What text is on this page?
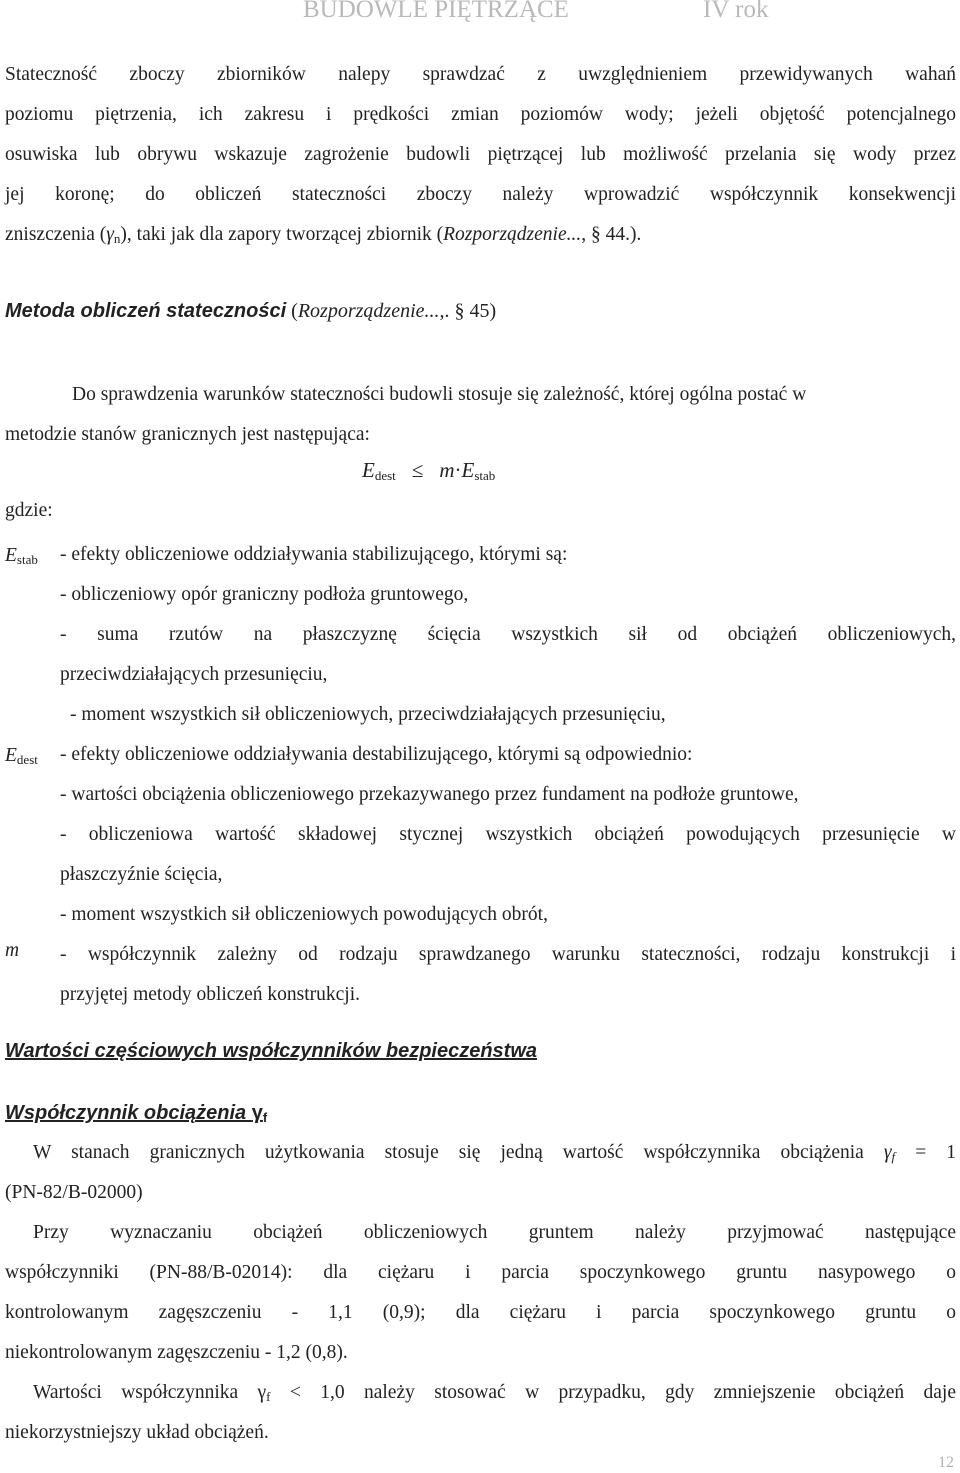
BUDOWLE PIĘTRZĄCE	IV rok

Stateczność zboczy zbiorników nalepy sprawdzać z uwzględnieniem przewidywanych wahań

poziomu piętrzenia, ich zakresu i prędkości zmian poziomów wody; jeżeli objętość potencjalnego

osuwiska lub obrywu wskazuje zagrożenie budowli piętrzącej lub możliwość przelania się wody przez

jej koronę; do obliczeń stateczności zboczy należy wprowadzić współczynnik konsekwencji

zniszczenia $(\gamma_n)$, taki jak dla zapory tworzącej zbiornik (Rozporządzenie..., § 44.).

Metoda obliczeń stateczności (Rozporządzenie...,. § 45)

Do sprawdzenia warunków stateczności budowli stosuje się zależność, której ogólna postać w

metodzie stanów granicznych jest następująca:

$E_{dest} \le m\cdot E_{stab}$
gdzie:
$E_{stab}$ - efekty obliczeniowe oddziaływania stabilizującego, którymi są:
- obliczeniowy opór graniczny podłoża gruntowego,
- suma rzutów na płaszczyznę ścięcia wszystkich sił od obciążeń obliczeniowych,
przeciwdziałających przesunięciu,
- moment wszystkich sił obliczeniowych, przeciwdziałających przesunięciu,
$E_{dest}$ - efekty obliczeniowe oddziaływania destabilizującego, którymi są odpowiednio:
- wartości obciążenia obliczeniowego przekazywanego przez fundament na podłoże gruntowe,
- obliczeniowa wartość składowej stycznej wszystkich obciążeń powodujących przesunięcie w
płaszczyźnie ścięcia,
- moment wszystkich sił obliczeniowych powodujących obrót,
m - współczynnik zależny od rodzaju sprawdzanego warunku stateczności, rodzaju konstrukcji i
przyjętej metody obliczeń konstrukcji.
Wartości częściowych współczynników bezpieczeństwa
Współczynnik obciążenia $\gamma_f$

W stanach granicznych użytkowania stosuje się jedną wartość współczynnika obciążenia $\gamma_f = 1$

(PN-82/B-02000)

Przy wyznaczaniu obciążeń obliczeniowych gruntem należy przyjmować następujące

współczynniki (PN-88/B-02014): dla ciężaru i parcia spoczynkowego gruntu nasypowego o

kontrolowanym zagęszczeniu - 1,1 (0,9); dla ciężaru i parcia spoczynkowego gruntu o

niekontrolowanym zagęszczeniu - 1,2 (0,8).

Wartości współczynnika $\gamma_f < 1,0$ należy stosować w przypadku, gdy zmniejszenie obciążeń daje

niekorzystniejszy układ obciążeń.

12
